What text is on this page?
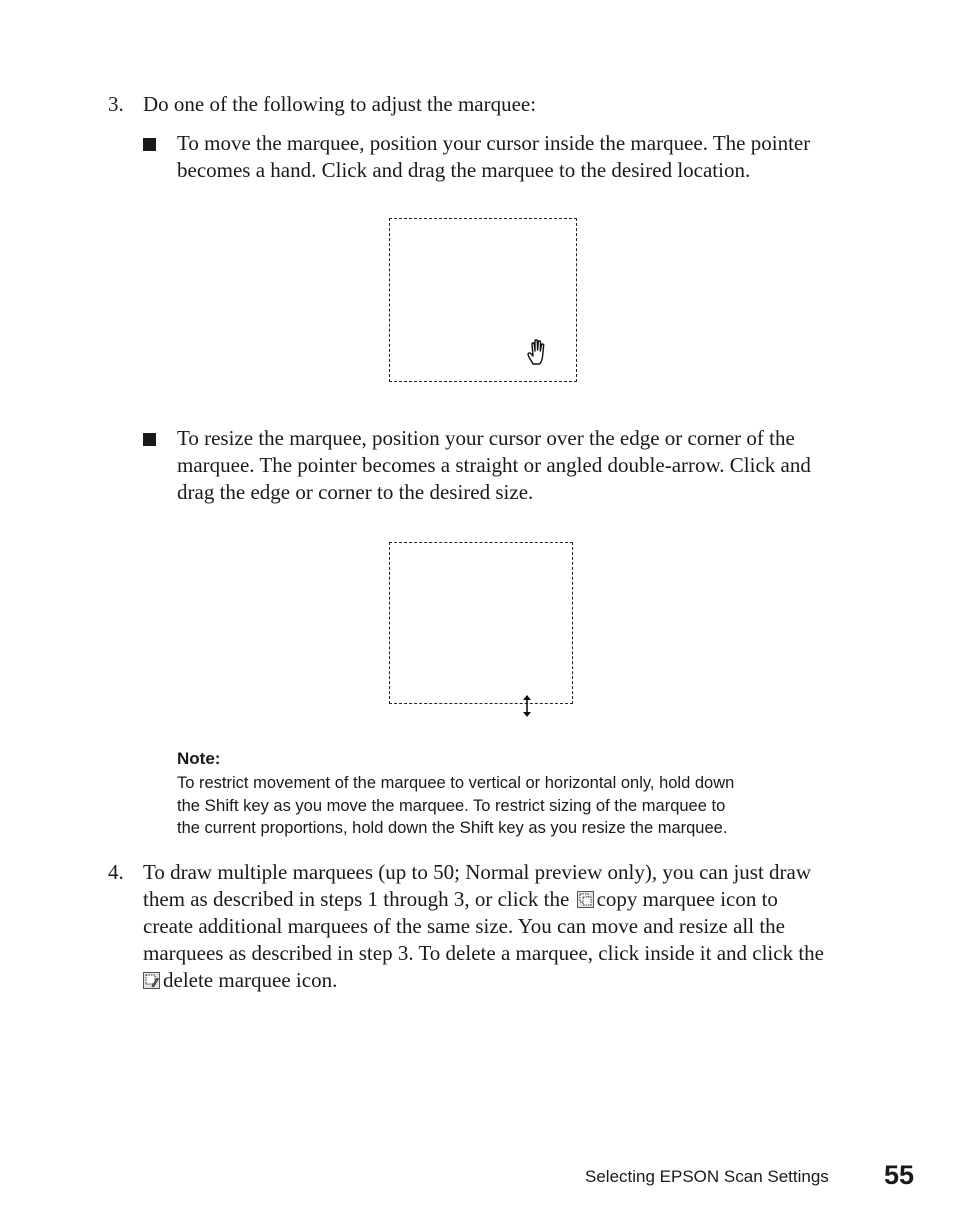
3. Do one of the following to adjust the marquee:
To move the marquee, position your cursor inside the marquee. The pointer
becomes a hand. Click and drag the marquee to the desired location.
To resize the marquee, position your cursor over the edge or corner of the
marquee. The pointer becomes a straight or angled double-arrow. Click and
drag the edge or corner to the desired size.
Note:
To restrict movement of the marquee to vertical or horizontal only, hold down
the Shift key as you move the marquee. To restrict sizing of the marquee to
the current proportions, hold down the Shift key as you resize the marquee.
4. To draw multiple marquees (up to 50; Normal preview only), you can just draw
them as described in steps 1 through 3, or click the copy marquee icon to
create additional marquees of the same size. You can move and resize all the
marquees as described in step 3. To delete a marquee, click inside it and click the
delete marquee icon.
Selecting EPSON Scan Settings 55
